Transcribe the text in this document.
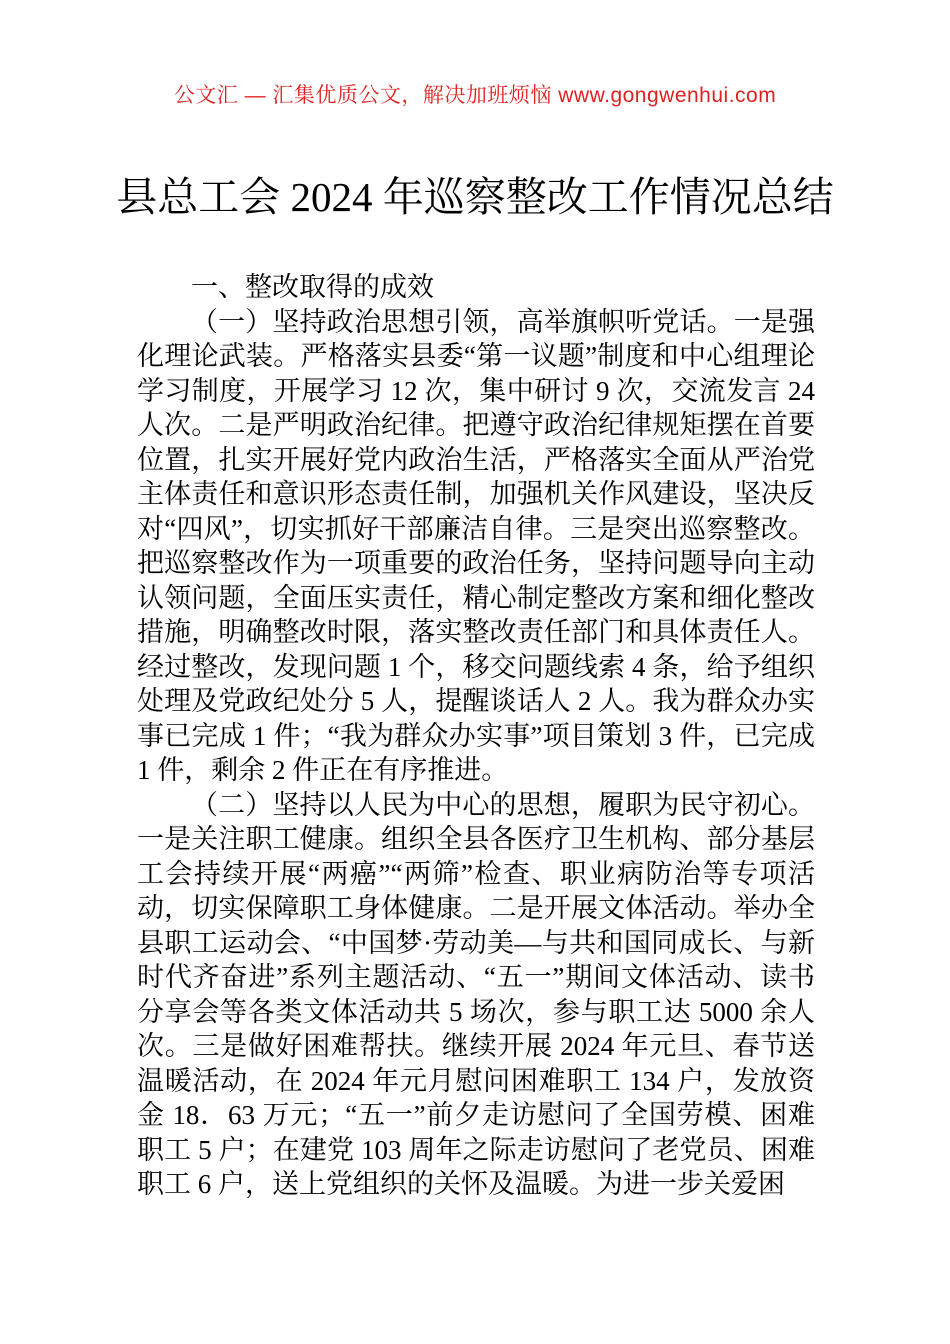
公文汇 — 汇集优质公文，解决加班烦恼 www.gongwenhui.com
县总工会 2024 年巡察整改工作情况总结

一、整改取得的成效

（一）坚持政治思想引领，高举旗帜听党话。一是强化理论武装。严格落实县委“第一议题”制度和中心组理论学习制度，开展学习 12 次，集中研讨 9 次，交流发言 24 人次。二是严明政治纪律。把遵守政治纪律规矩摆在首要位置，扎实开展好党内政治生活，严格落实全面从严治党主体责任和意识形态责任制，加强机关作风建设，坚决反对“四风”，切实抓好干部廉洁自律。三是突出巡察整改。把巡察整改作为一项重要的政治任务，坚持问题导向主动认领问题，全面压实责任，精心制定整改方案和细化整改措施，明确整改时限，落实整改责任部门和具体责任人。经过整改，发现问题 1 个，移交问题线索 4 条，给予组织处理及党政纪处分 5 人，提醒谈话人 2 人。我为群众办实事已完成 1 件；“我为群众办实事”项目策划 3 件，已完成 1 件，剩余 2 件正在有序推进。

（二）坚持以人民为中心的思想，履职为民守初心。一是关注职工健康。组织全县各医疗卫生机构、部分基层工会持续开展“两癌”“两筛”检查、职业病防治等专项活动，切实保障职工身体健康。二是开展文体活动。举办全县职工运动会、“中国梦·劳动美—与共和国同成长、与新时代齐奋进”系列主题活动、“五一”期间文体活动、读书分享会等各类文体活动共 5 场次，参与职工达 5000 余人次。三是做好困难帮扶。继续开展 2024 年元旦、春节送温暖活动，在 2024 年元月慰问困难职工 134 户，发放资金 18．63 万元；“五一”前夕走访慰问了全国劳模、困难职工 5 户；在建党 103 周年之际走访慰问了老党员、困难职工 6 户，送上党组织的关怀及温暖。为进一步关爱困
